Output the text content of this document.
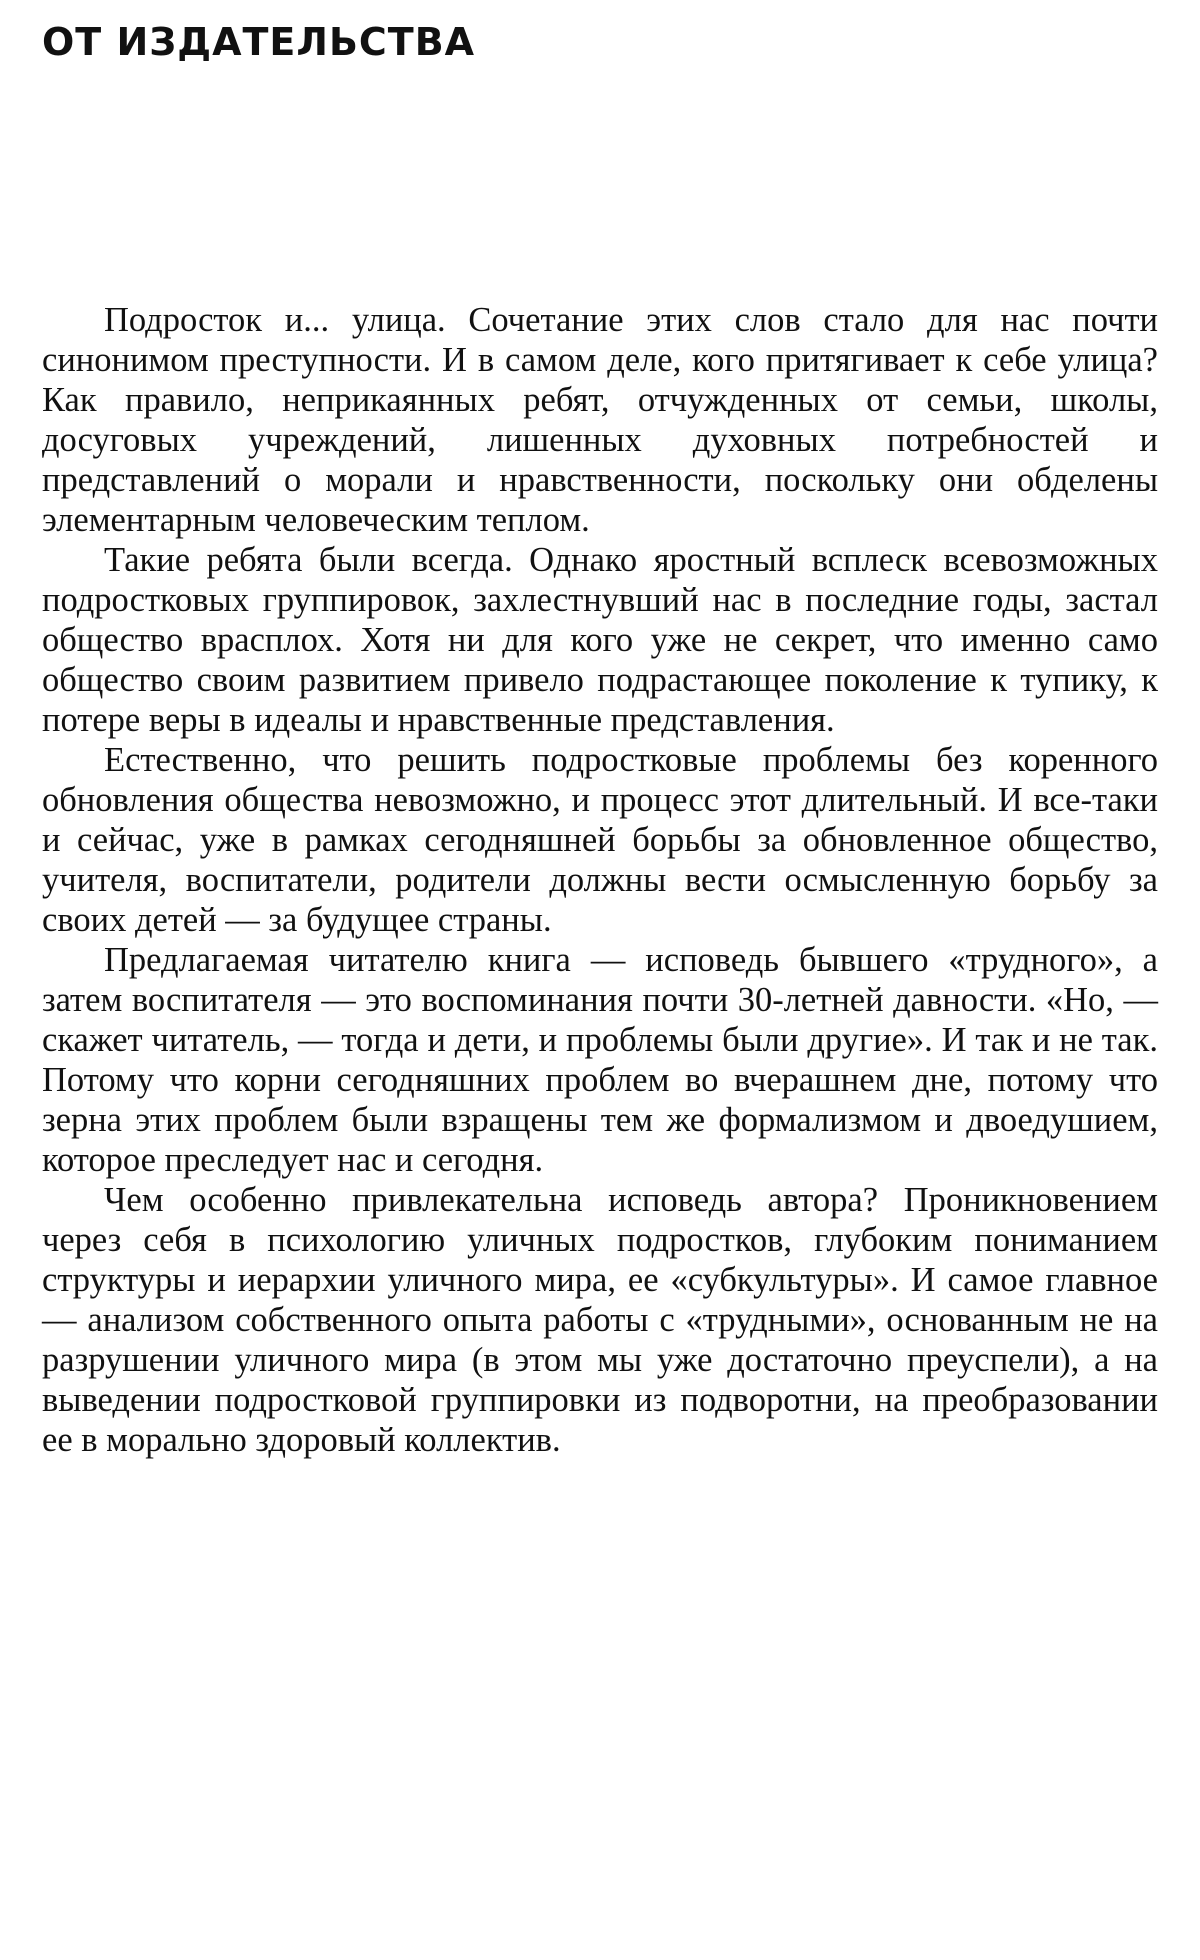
ОТ ИЗДАТЕЛЬСТВА

Подросток и... улица. Сочетание этих слов стало для нас почти синонимом преступности. И в самом деле, кого притягивает к себе улица? Как правило, неприкаянных ребят, отчужденных от семьи, школы, досуговых учреждений, лишенных духовных потребностей и представлений о морали и нравственности, поскольку они обделены элементарным человеческим теплом.

Такие ребята были всегда. Однако яростный всплеск всевозможных подростковых группировок, захлестнувший нас в последние годы, застал общество врасплох. Хотя ни для кого уже не секрет, что именно само общество своим развитием привело подрастающее поколение к тупику, к потере веры в идеалы и нравственные представления.

Естественно, что решить подростковые проблемы без коренного обновления общества невозможно, и процесс этот длительный. И все-таки и сейчас, уже в рамках сегодняшней борьбы за обновленное общество, учителя, воспитатели, родители должны вести осмысленную борьбу за своих детей — за будущее страны.

Предлагаемая читателю книга — исповедь бывшего «трудного», а затем воспитателя — это воспоминания почти 30-летней давности. «Но, — скажет читатель, — тогда и дети, и проблемы были другие». И так и не так. Потому что корни сегодняшних проблем во вчерашнем дне, потому что зерна этих проблем были взращены тем же формализмом и двоедушием, которое преследует нас и сегодня.

Чем особенно привлекательна исповедь автора? Проникновением через себя в психологию уличных подростков, глубоким пониманием структуры и иерархии уличного мира, ее «субкультуры». И самое главное — анализом собственного опыта работы с «трудными», основанным не на разрушении уличного мира (в этом мы уже достаточно преуспели), а на выведении подростковой группировки из подворотни, на преобразовании ее в морально здоровый коллектив.
